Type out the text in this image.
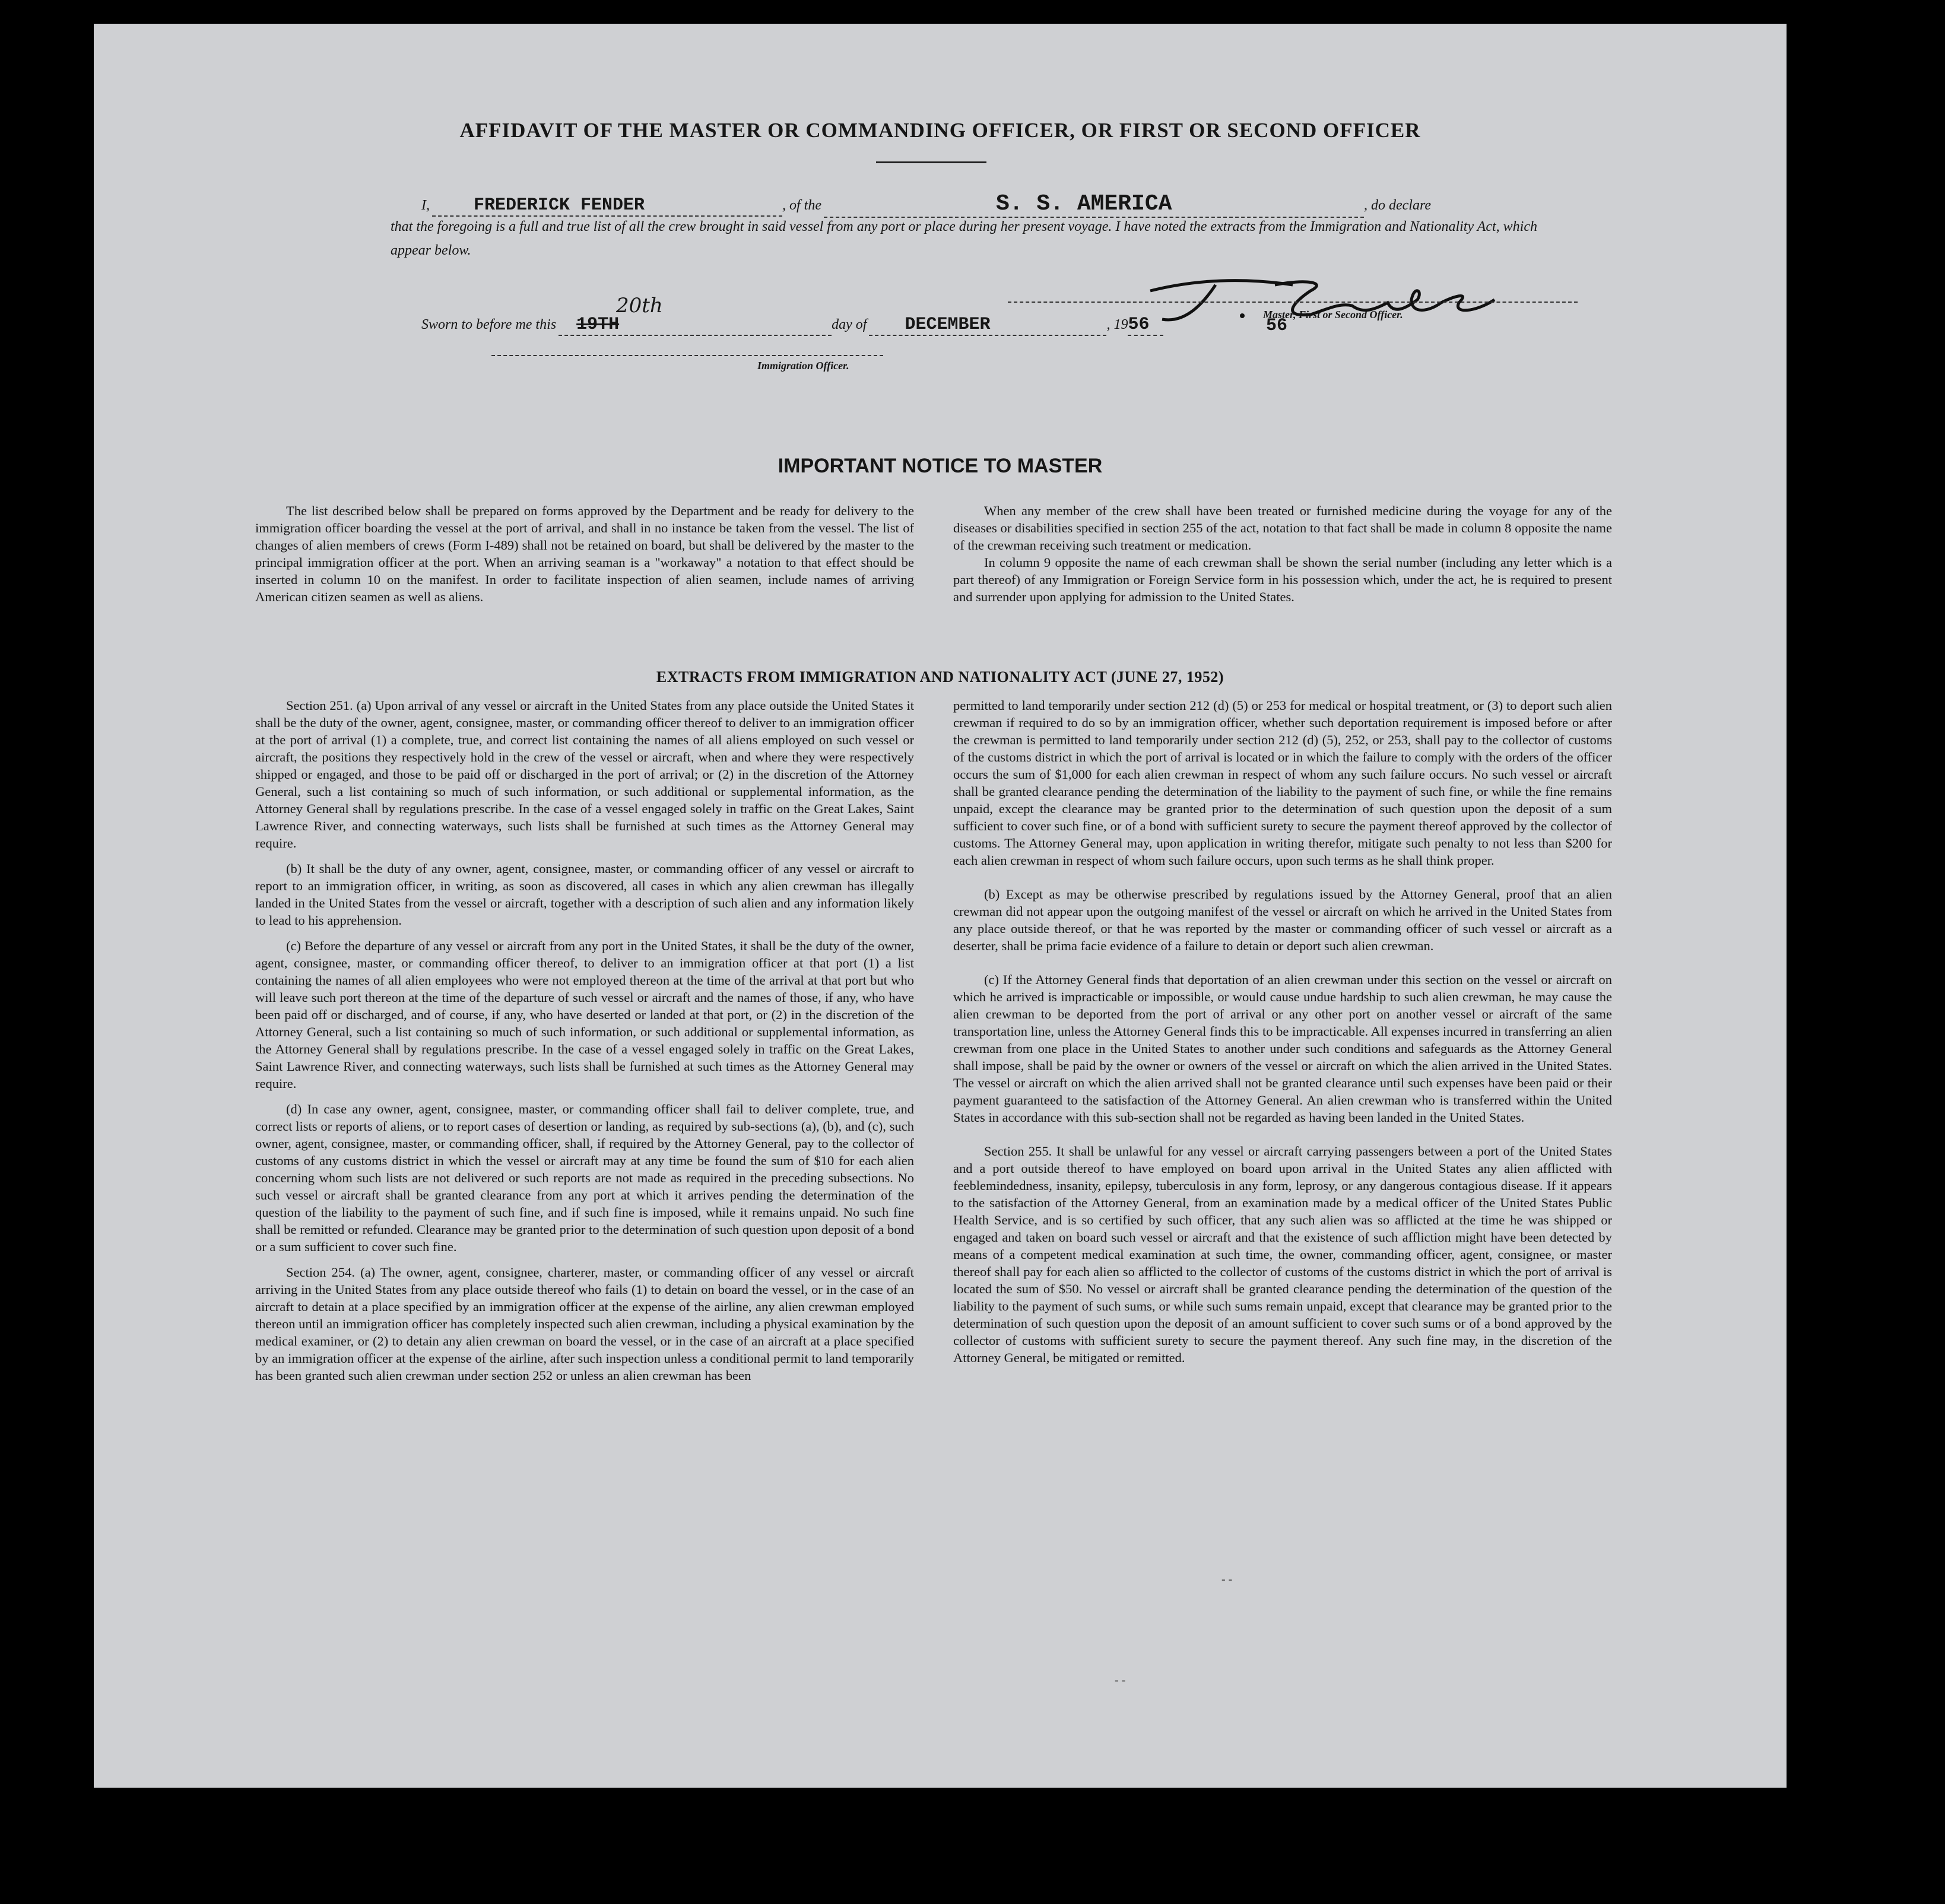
AFFIDAVIT OF THE MASTER OR COMMANDING OFFICER, OR FIRST OR SECOND OFFICER
I, FREDERICK FENDER	, of the	S. S. AMERICA	, do declare
that the foregoing is a full and true list of all the crew brought in said vessel from any port or place during her present voyage. I have noted the extracts from the Immigration and Nationality Act, which appear below.
Master, First or Second Officer.
20th
Sworn to before me this 19TH	day of DECEMBER	, 1956	56
Immigration Officer.
IMPORTANT NOTICE TO MASTER

The list described below shall be prepared on forms approved by the Department and be ready for delivery to the immigration officer boarding the vessel at the port of arrival, and shall in no instance be taken from the vessel. The list of changes of alien members of crews (Form I-489) shall not be retained on board, but shall be delivered by the master to the principal immigration officer at the port. When an arriving seaman is a "workaway" a notation to that effect should be inserted in column 10 on the manifest. In order to facilitate inspection of alien seamen, include names of arriving American citizen seamen as well as aliens.

When any member of the crew shall have been treated or furnished medicine during the voyage for any of the diseases or disabilities specified in section 255 of the act, notation to that fact shall be made in column 8 opposite the name of the crewman receiving such treatment or medication.

In column 9 opposite the name of each crewman shall be shown the serial number (including any letter which is a part thereof) of any Immigration or Foreign Service form in his possession which, under the act, he is required to present and surrender upon applying for admission to the United States.

EXTRACTS FROM IMMIGRATION AND NATIONALITY ACT (JUNE 27, 1952)

Section 251. (a) Upon arrival of any vessel or aircraft in the United States from any place outside the United States it shall be the duty of the owner, agent, consignee, master, or commanding officer thereof to deliver to an immigration officer at the port of arrival (1) a complete, true, and correct list containing the names of all aliens employed on such vessel or aircraft, the positions they respectively hold in the crew of the vessel or aircraft, when and where they were respectively shipped or engaged, and those to be paid off or discharged in the port of arrival; or (2) in the discretion of the Attorney General, such a list containing so much of such information, or such additional or supplemental information, as the Attorney General shall by regulations prescribe. In the case of a vessel engaged solely in traffic on the Great Lakes, Saint Lawrence River, and connecting waterways, such lists shall be furnished at such times as the Attorney General may require.

(b) It shall be the duty of any owner, agent, consignee, master, or commanding officer of any vessel or aircraft to report to an immigration officer, in writing, as soon as discovered, all cases in which any alien crewman has illegally landed in the United States from the vessel or aircraft, together with a description of such alien and any information likely to lead to his apprehension.

(c) Before the departure of any vessel or aircraft from any port in the United States, it shall be the duty of the owner, agent, consignee, master, or commanding officer thereof, to deliver to an immigration officer at that port (1) a list containing the names of all alien employees who were not employed thereon at the time of the arrival at that port but who will leave such port thereon at the time of the departure of such vessel or aircraft and the names of those, if any, who have been paid off or discharged, and of course, if any, who have deserted or landed at that port, or (2) in the discretion of the Attorney General, such a list containing so much of such information, or such additional or supplemental information, as the Attorney General shall by regulations prescribe. In the case of a vessel engaged solely in traffic on the Great Lakes, Saint Lawrence River, and connecting waterways, such lists shall be furnished at such times as the Attorney General may require.

(d) In case any owner, agent, consignee, master, or commanding officer shall fail to deliver complete, true, and correct lists or reports of aliens, or to report cases of desertion or landing, as required by sub-sections (a), (b), and (c), such owner, agent, consignee, master, or commanding officer, shall, if required by the Attorney General, pay to the collector of customs of any customs district in which the vessel or aircraft may at any time be found the sum of $10 for each alien concerning whom such lists are not delivered or such reports are not made as required in the preceding subsections. No such vessel or aircraft shall be granted clearance from any port at which it arrives pending the determination of the question of the liability to the payment of such fine, and if such fine is imposed, while it remains unpaid. No such fine shall be remitted or refunded. Clearance may be granted prior to the determination of such question upon deposit of a bond or a sum sufficient to cover such fine.

Section 254. (a) The owner, agent, consignee, charterer, master, or commanding officer of any vessel or aircraft arriving in the United States from any place outside thereof who fails (1) to detain on board the vessel, or in the case of an aircraft to detain at a place specified by an immigration officer at the expense of the airline, any alien crewman employed thereon until an immigration officer has completely inspected such alien crewman, including a physical examination by the medical examiner, or (2) to detain any alien crewman on board the vessel, or in the case of an aircraft at a place specified by an immigration officer at the expense of the airline, after such inspection unless a conditional permit to land temporarily has been granted such alien crewman under section 252 or unless an alien crewman has been

permitted to land temporarily under section 212 (d) (5) or 253 for medical or hospital treatment, or (3) to deport such alien crewman if required to do so by an immigration officer, whether such deportation requirement is imposed before or after the crewman is permitted to land temporarily under section 212 (d) (5), 252, or 253, shall pay to the collector of customs of the customs district in which the port of arrival is located or in which the failure to comply with the orders of the officer occurs the sum of $1,000 for each alien crewman in respect of whom any such failure occurs. No such vessel or aircraft shall be granted clearance pending the determination of the liability to the payment of such fine, or while the fine remains unpaid, except the clearance may be granted prior to the determination of such question upon the deposit of a sum sufficient to cover such fine, or of a bond with sufficient surety to secure the payment thereof approved by the collector of customs. The Attorney General may, upon application in writing therefor, mitigate such penalty to not less than $200 for each alien crewman in respect of whom such failure occurs, upon such terms as he shall think proper.

(b) Except as may be otherwise prescribed by regulations issued by the Attorney General, proof that an alien crewman did not appear upon the outgoing manifest of the vessel or aircraft on which he arrived in the United States from any place outside thereof, or that he was reported by the master or commanding officer of such vessel or aircraft as a deserter, shall be prima facie evidence of a failure to detain or deport such alien crewman.

(c) If the Attorney General finds that deportation of an alien crewman under this section on the vessel or aircraft on which he arrived is impracticable or impossible, or would cause undue hardship to such alien crewman, he may cause the alien crewman to be deported from the port of arrival or any other port on another vessel or aircraft of the same transportation line, unless the Attorney General finds this to be impracticable. All expenses incurred in transferring an alien crewman from one place in the United States to another under such conditions and safeguards as the Attorney General shall impose, shall be paid by the owner or owners of the vessel or aircraft on which the alien arrived in the United States. The vessel or aircraft on which the alien arrived shall not be granted clearance until such expenses have been paid or their payment guaranteed to the satisfaction of the Attorney General. An alien crewman who is transferred within the United States in accordance with this sub-section shall not be regarded as having been landed in the United States.

Section 255. It shall be unlawful for any vessel or aircraft carrying passengers between a port of the United States and a port outside thereof to have employed on board upon arrival in the United States any alien afflicted with feeblemindedness, insanity, epilepsy, tuberculosis in any form, leprosy, or any dangerous contagious disease. If it appears to the satisfaction of the Attorney General, from an examination made by a medical officer of the United States Public Health Service, and is so certified by such officer, that any such alien was so afflicted at the time he was shipped or engaged and taken on board such vessel or aircraft and that the existence of such affliction might have been detected by means of a competent medical examination at such time, the owner, commanding officer, agent, consignee, or master thereof shall pay for each alien so afflicted to the collector of customs of the customs district in which the port of arrival is located the sum of $50. No vessel or aircraft shall be granted clearance pending the determination of the question of the liability to the payment of such sums, or while such sums remain unpaid, except that clearance may be granted prior to the determination of such question upon the deposit of an amount sufficient to cover such sums or of a bond approved by the collector of customs with sufficient surety to secure the payment thereof. Any such fine may, in the discretion of the Attorney General, be mitigated or remitted.

- -
- -
